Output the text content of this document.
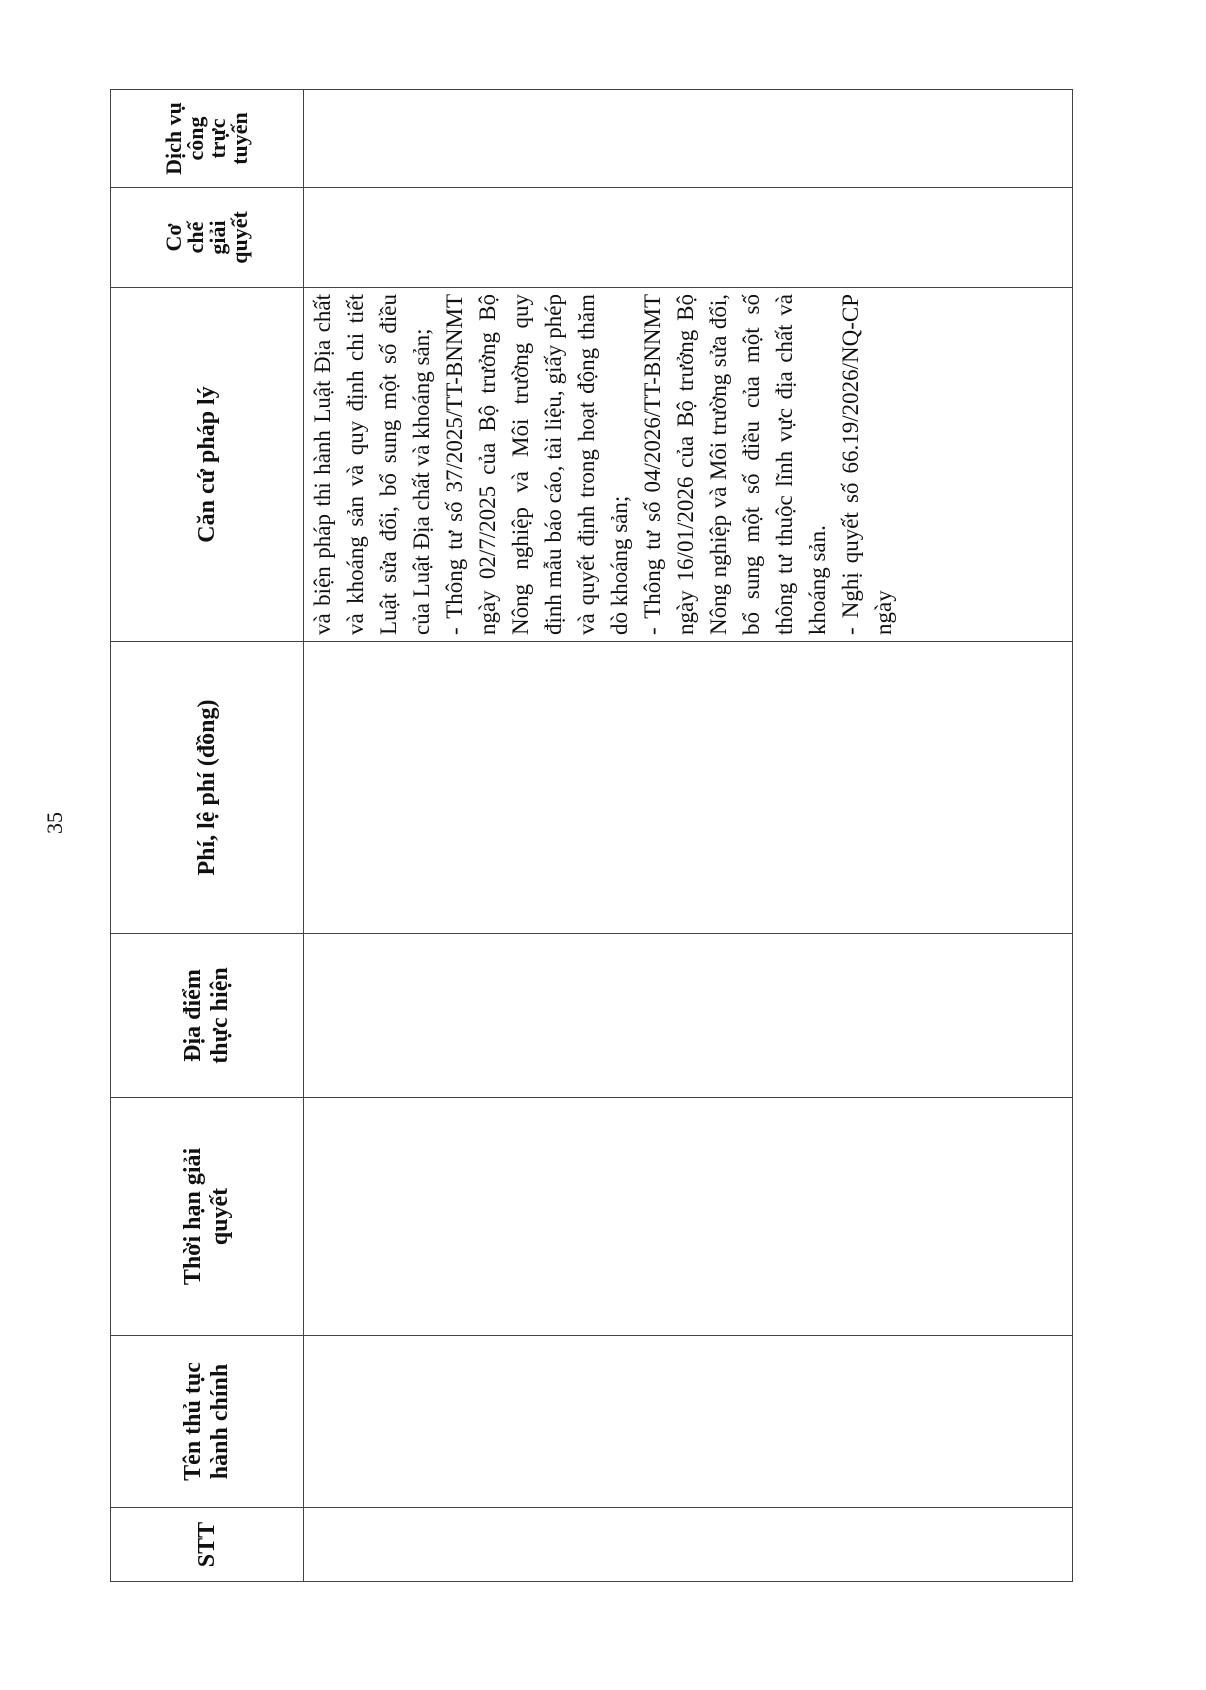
35
STT	Tên thủ tục hành chính	Thời hạn giải quyết	Địa điểm thực hiện	Phí, lệ phí (đồng)	Căn cứ pháp lý	Cơ chế giải quyết	Dịch vụ công trực tuyến

					và biện pháp thi hành Luật Địa chất và khoáng sản và quy định chi tiết Luật sửa đổi, bổ sung một số điều của Luật Địa chất và khoáng sản; - Thông tư số 37/2025/TT-BNNMT ngày 02/7/2025 của Bộ trưởng Bộ Nông nghiệp và Môi trường quy định mẫu báo cáo, tài liệu, giấy phép và quyết định trong hoạt động thăm dò khoáng sản; - Thông tư số 04/2026/TT-BNNMT ngày 16/01/2026 của Bộ trưởng Bộ Nông nghiệp và Môi trường sửa đổi, bổ sung một số điều của một số thông tư thuộc lĩnh vực địa chất và khoáng sản. - Nghị quyết số 66.19/2026/NQ-CP ngày		
